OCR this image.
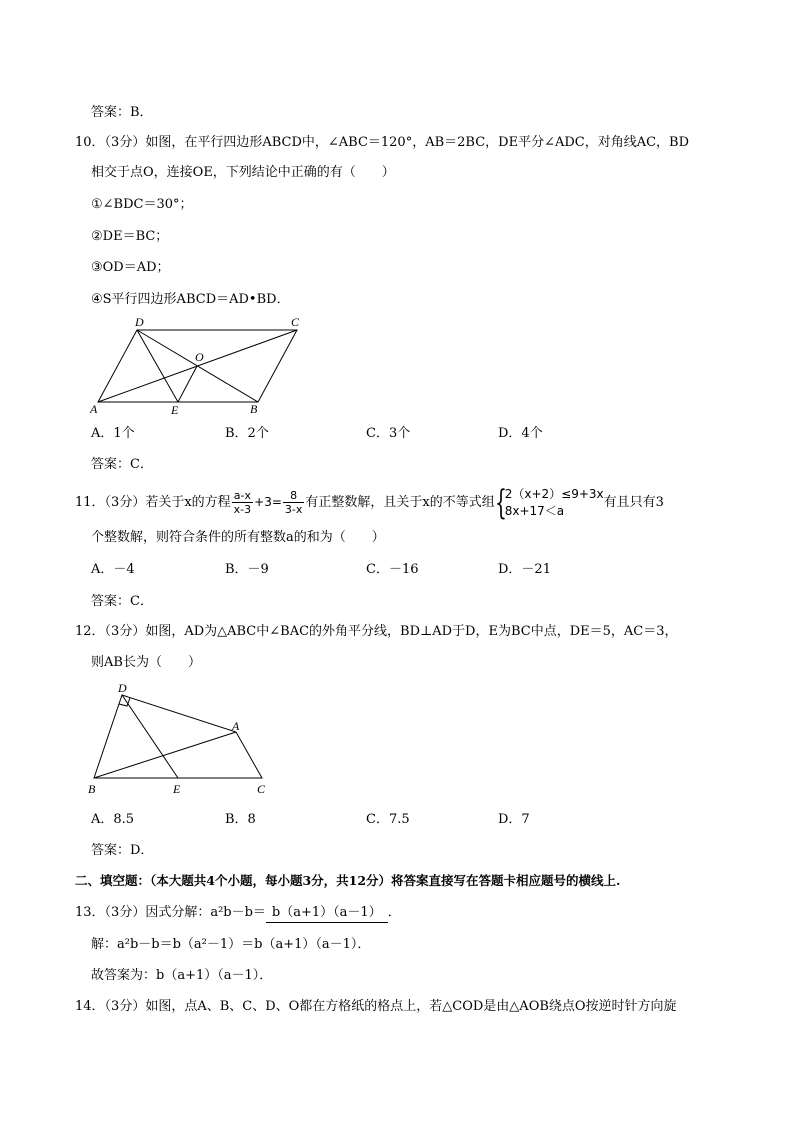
答案：B．
10．（3分）如图，在平行四边形ABCD中，∠ABC＝120°，AB＝2BC，DE平分∠ADC，对角线AC，BD
相交于点O，连接OE，下列结论中正确的有（　　）
①∠BDC＝30°；
②DE＝BC；
③OD＝AD；
④S平行四边形ABCD＝AD•BD．
A	E	B
C
D
O
A．1个	B．2个	C．3个	D．4个
答案：C．
11．（3分）若关于x的方程 $\frac{a-x}{x-3} +3= \frac{8}{3-x}$ 有正整数解，且关于x的不等式组 {
2（x+2）≤9+3x
8x+17＜a
有且只有3
个整数解，则符合条件的所有整数a的和为（　　）
A．－4	B．－9	C．－16	D．－21
答案：C．
12．（3分）如图，AD为△ABC中∠BAC的外角平分线，BD⊥AD于D，E为BC中点，DE＝5，AC＝3，
则AB长为（　　）
D
A
B	E	C
A．8.5	B．8	C．7.5	D．7
答案：D．
二、填空题：（本大题共4个小题，每小题3分，共12分）将答案直接写在答题卡相应题号的横线上.
13．（3分）因式分解：a²b－b＝ b（a+1）（a－1） ．
解：a²b－b＝b（a²－1）＝b（a+1）（a－1）．
故答案为：b（a+1）（a－1）．
14．（3分）如图，点A、B、C、D、O都在方格纸的格点上，若△COD是由△AOB绕点O按逆时针方向旋
